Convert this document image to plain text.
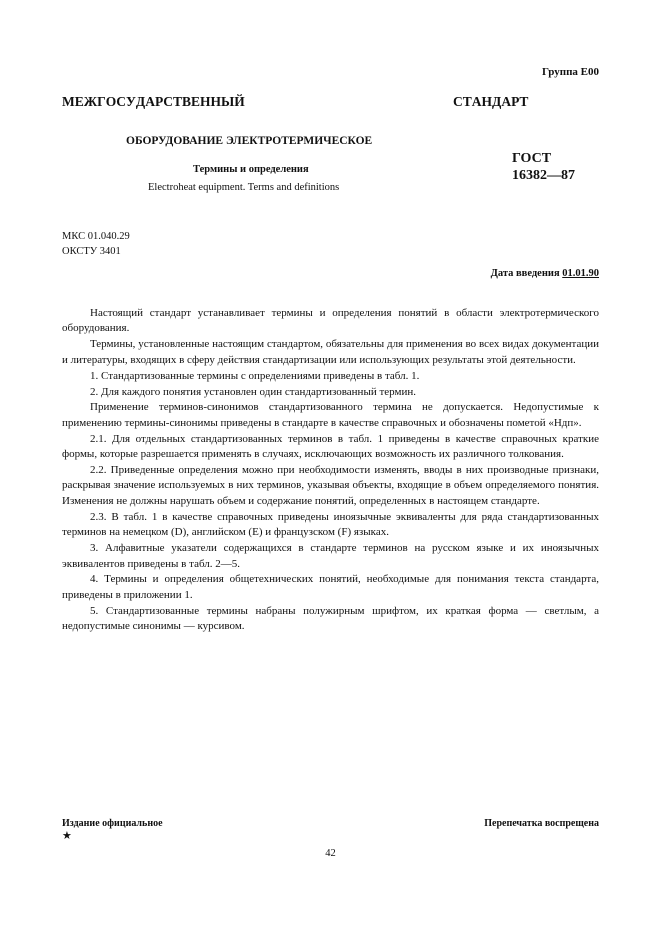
Группа Е00
МЕЖГОСУДАРСТВЕННЫЙ	СТАНДАРТ
ОБОРУДОВАНИЕ ЭЛЕКТРОТЕРМИЧЕСКОЕ
Термины и определения
Electroheat equipment. Terms and definitions
ГОСТ
16382—87
МКС 01.040.29
ОКСТУ 3401
Дата введения 01.01.90

Настоящий стандарт устанавливает термины и определения понятий в области электротермического оборудования.

Термины, установленные настоящим стандартом, обязательны для применения во всех видах документации и литературы, входящих в сферу действия стандартизации или использующих результаты этой деятельности.

1. Стандартизованные термины с определениями приведены в табл. 1.

2. Для каждого понятия установлен один стандартизованный термин.

Применение терминов-синонимов стандартизованного термина не допускается. Недопустимые к применению термины-синонимы приведены в стандарте в качестве справочных и обозначены пометой «Ндп».

2.1. Для отдельных стандартизованных терминов в табл. 1 приведены в качестве справочных краткие формы, которые разрешается применять в случаях, исключающих возможность их различного толкования.

2.2. Приведенные определения можно при необходимости изменять, вводы в них производные признаки, раскрывая значение используемых в них терминов, указывая объекты, входящие в объем определяемого понятия. Изменения не должны нарушать объем и содержание понятий, определенных в настоящем стандарте.

2.3. В табл. 1 в качестве справочных приведены иноязычные эквиваленты для ряда стандартизованных терминов на немецком (D), английском (Е) и французском (F) языках.

3. Алфавитные указатели содержащихся в стандарте терминов на русском языке и их иноязычных эквивалентов приведены в табл. 2—5.

4. Термины и определения общетехнических понятий, необходимые для понимания текста стандарта, приведены в приложении 1.

5. Стандартизованные термины набраны полужирным шрифтом, их краткая форма — светлым, а недопустимые синонимы — курсивом.

Издание официальное	Перепечатка воспрещена
★
42
